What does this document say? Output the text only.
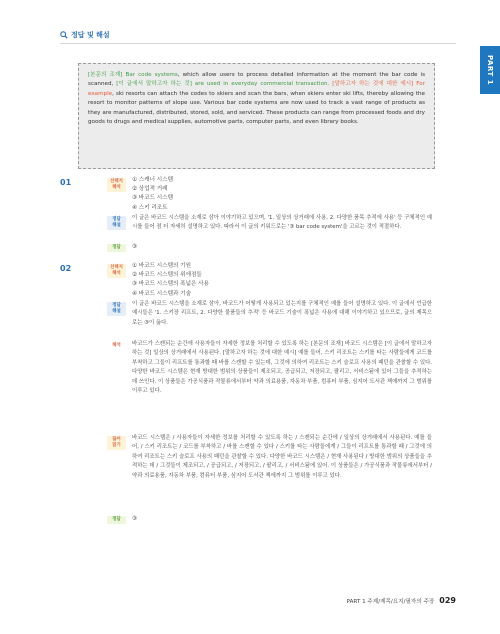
정답 및 해설
PART 1
[본문의 조재] Bar code systems, which allow users to process detailed information at the moment the bar code is scanned, [이 글에서 말하고자 하는 것] are used in everyday commercial transaction. [말하고자 하는 것에 대한 예시] For example, ski resorts can attach the codes to skiers and scan the bars, when skiers enter ski lifts, thereby allowing the resort to monitor patterns of slope use. Various bar code systems are now used to track a vast range of products as they are manufactured, distributed, stored, sold, and serviced. These products can range from processed foods and dry goods to drugs and medical supplies, automotive parts, computer parts, and even library books.
01	선택지
해석
① 스캐너 시스템
② 상업적 거래
③ 바코드 시스템
④ 스키 리조트
정답
해설
이 글은 바코드 시스템을 소재로 삼아 이야기하고 있으며, '1. 일상의 상거래에 사용, 2. 다양한 품목 추적에 사용' 등 구체적인 예시를 들어 점 더 자세히 설명하고 있다. 따라서 이 글의 키워드로는 '③ bar code system'을 고르는 것이 적절하다.
정답	③
02	선택지
해석
① 바코드 시스템의 기원
② 바코드 시스템의 위에점들
③ 바코드 시스템의 폭넓은 사용
④ 바코드 시스템과 기술
정답
해설
이 글은 바코드 시스템을 소재로 삼아, 바코드가 어떻게 사용되고 있는지를 구체적인 예를 들어 설명하고 있다. 이 글에서 언급한 예시들은 '1. 스키장 리프트, 2. 다양한 물품들의 추적' 등 바코드 기술이 폭넓은 사용에 대해 이야기하고 있으므로, 글의 제목으로는 ③이 옳다.
해석	바코드가 스캔되는 순간에 사용자들이 자세한 정보를 처리할 수 있도록 하는 [본문의 조재] 바코드 시스템은 [이 글에서 말하고자 하는 것] 일상의 상거래에서 사용된다. [말하고자 하는 것에 대한 예시] 예를 들어, 스키 리조트는 스키를 타는 사람들에게 코드를 부착하고 그들이 리프트를 통과할 때 바를 스캔할 수 있는데, 그것에 의하여 리조트는 스키 슬로프 사용의 패턴을 관찰할 수 있다. 다양한 바코드 시스템은 현재 방대한 범위의 상품들이 제조되고, 공급되고, 저장되고, 팔리고, 서비스됨에 있어 그들을 추적하는 데 쓰인다. 이 상품들은 가공식품과 작물류에서부터 약과 의료용품, 자동차 부품, 컴퓨터 부품, 심지어 도서관 책에까지 그 범위를 이루고 있다.
끊어
읽기
바코드 시스템은 / 사용자들이 자세한 정보를 처리할 수 있도록 하는 / 스캔되는 순간에 / 일상의 상거래에서 사용된다. 예를 들어, / 스키 리조트는 / 코드를 부착하고 / 바를 스캔할 수 있다 / 스키를 타는 사람들에게 / 그들이 리프트를 통과할 때 / 그것에 의하여 리조트는 스키 슬로프 사용의 패턴을 관찰할 수 있다. 다양한 바코드 시스템은 / 현재 사용된다 / 방대한 범위의 상품들을 추적하는 데 / 그것들이 제조되고, / 공급되고, / 저장되고, / 팔리고, / 서비스됨에 있어. 이 상품들은 / 가공식품과 작물류에서부터 / 약과 의료용품, 자동차 부품, 컴퓨터 부품, 심지어 도서관 책에까지 그 범위를 이루고 있다.
정답	③
PART 1 주제/제목/요지/필자의 주장 029
